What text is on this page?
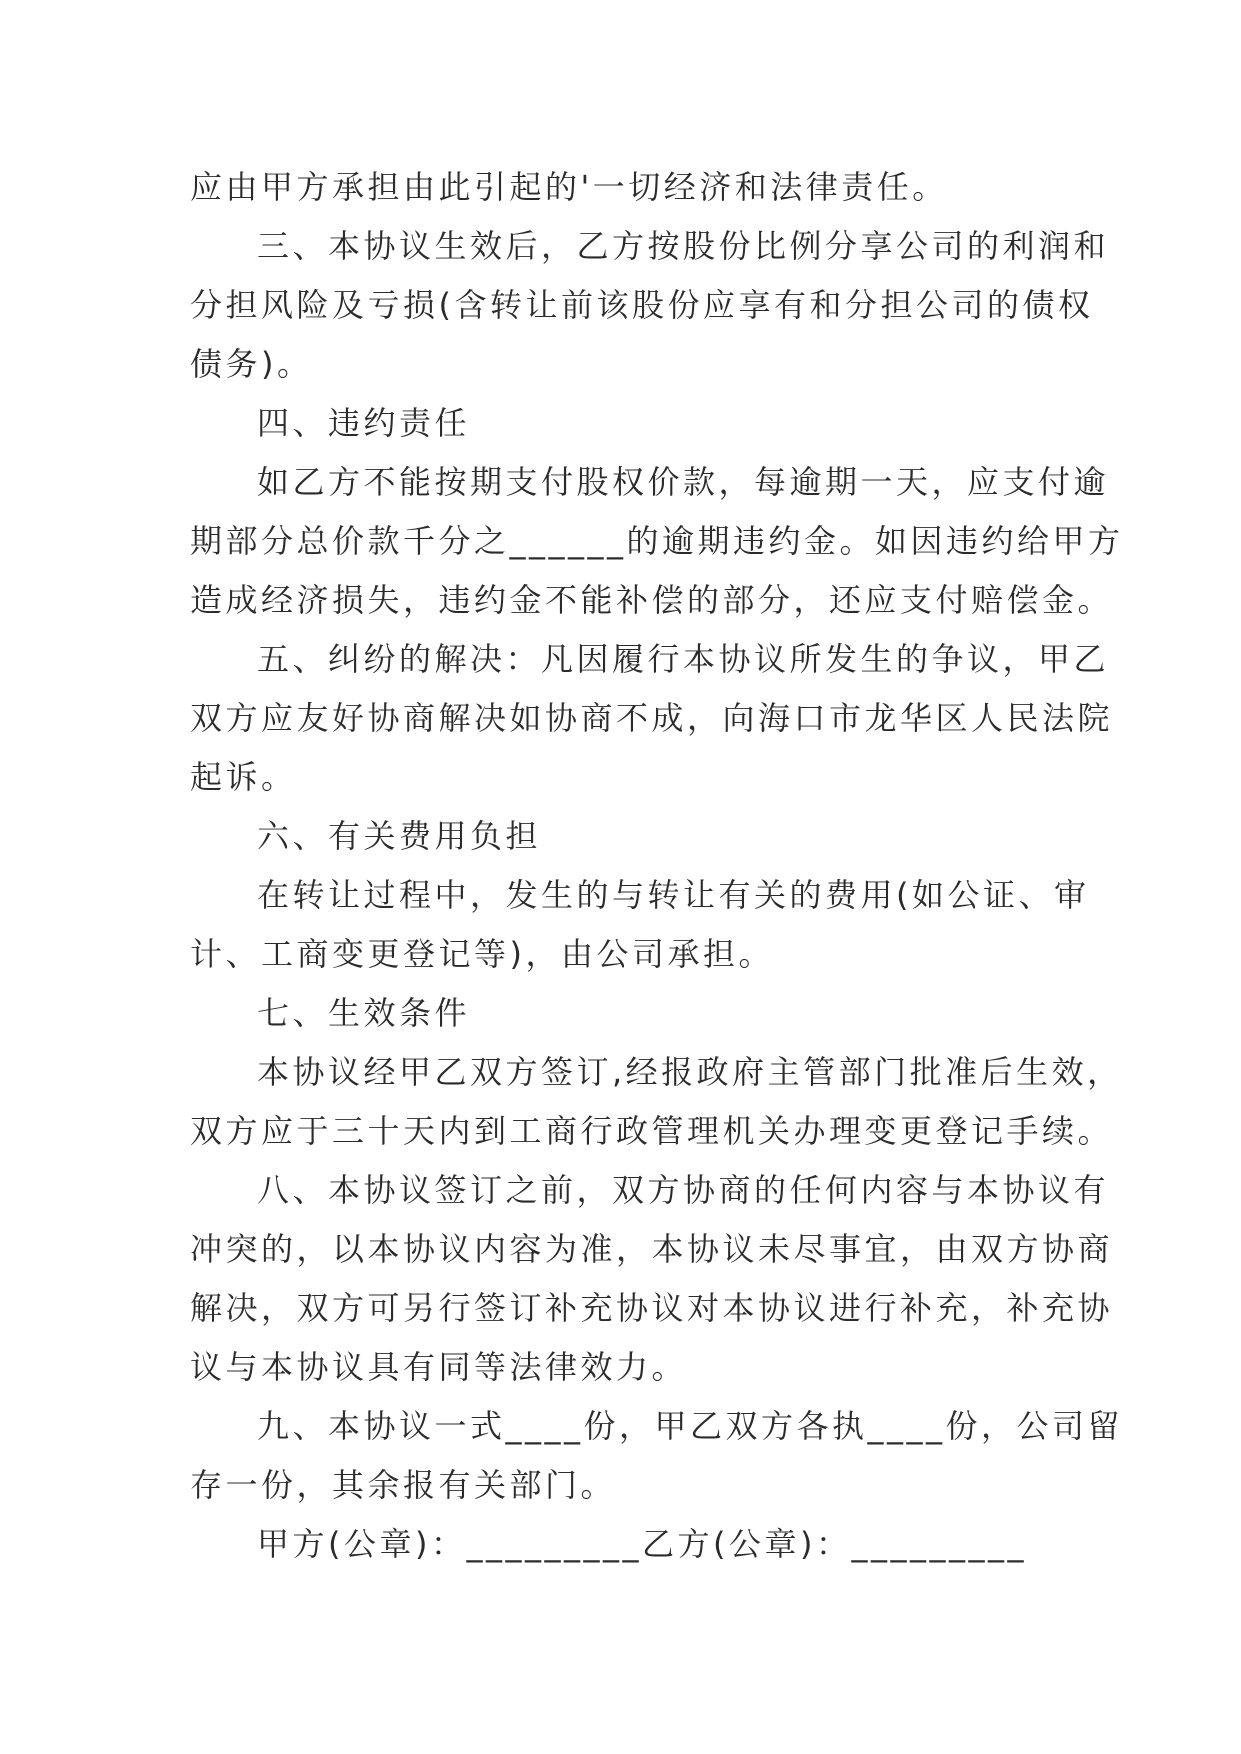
应由甲方承担由此引起的'一切经济和法律责任。
三、本协议生效后，乙方按股份比例分享公司的利润和
分担风险及亏损(含转让前该股份应享有和分担公司的债权
债务)。
四、违约责任
如乙方不能按期支付股权价款，每逾期一天，应支付逾
期部分总价款千分之______的逾期违约金。如因违约给甲方
造成经济损失，违约金不能补偿的部分，还应支付赔偿金。
五、纠纷的解决：凡因履行本协议所发生的争议，甲乙
双方应友好协商解决如协商不成，向海口市龙华区人民法院
起诉。
六、有关费用负担
在转让过程中，发生的与转让有关的费用(如公证、审
计、工商变更登记等)，由公司承担。
七、生效条件
本协议经甲乙双方签订,经报政府主管部门批准后生效，
双方应于三十天内到工商行政管理机关办理变更登记手续。
八、本协议签订之前，双方协商的任何内容与本协议有
冲突的，以本协议内容为准，本协议未尽事宜，由双方协商
解决，双方可另行签订补充协议对本协议进行补充，补充协
议与本协议具有同等法律效力。
九、本协议一式____份，甲乙双方各执____份，公司留
存一份，其余报有关部门。
甲方(公章)：_________乙方(公章)：_________
